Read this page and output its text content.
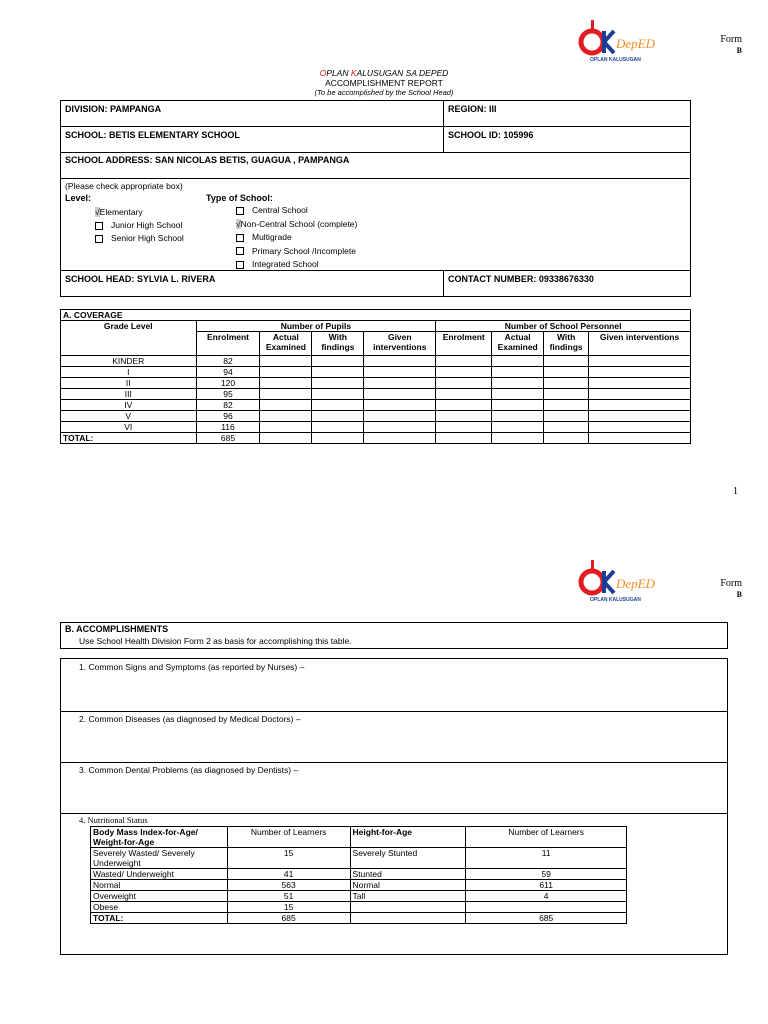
DepED
OPLAN KALUSUGAN
Form
B
OPLAN KALUSUGAN SA DEPED
ACCOMPLISHMENT REPORT
(To be accomplished by the School Head)
DIVISION: PAMPANGA	REGION: III
SCHOOL: BETIS ELEMENTARY SCHOOL	SCHOOL ID: 105996
SCHOOL ADDRESS: SAN NICOLAS BETIS, GUAGUA , PAMPANGA
(Please check appropriate box)
Level:
√Elementary
Junior High School
Senior High School
Type of School:
Central School
√Non-Central School (complete)
Multigrade
Primary School /Incomplete
Integrated School
SCHOOL HEAD: SYLVIA L. RIVERA	CONTACT NUMBER: 09338676330
A. COVERAGE								
Grade Level	Number of Pupils				Number of School Personnel			
	Enrolment	Actual Examined	With findings	Given interventions	Enrolment	Actual Examined	With findings	Given interventions
KINDER	82							
I	94							
II	120							
III	95							
IV	82							
V	96							
VI	116							
TOTAL:	685							
1
DepED
OPLAN KALUSUGAN
Form
B
B. ACCOMPLISHMENTS
Use School Health Division Form 2 as basis for accomplishing this table.
1. Common Signs and Symptoms (as reported by Nurses) –
2. Common Diseases (as diagnosed by Medical Doctors) –
3. Common Dental Problems (as diagnosed by Dentists) –
4. Nutritional Status
Body Mass Index-for-Age/ Weight-for-Age	Number of Learners	Height-for-Age	Number of Learners
Severely Wasted/ Severely Underweight	15	Severely Stunted	11
Wasted/ Underweight	41	Stunted	59
Normal	563	Normal	611
Overweight	51	Tall	4
Obese	15		
TOTAL:	685		685
